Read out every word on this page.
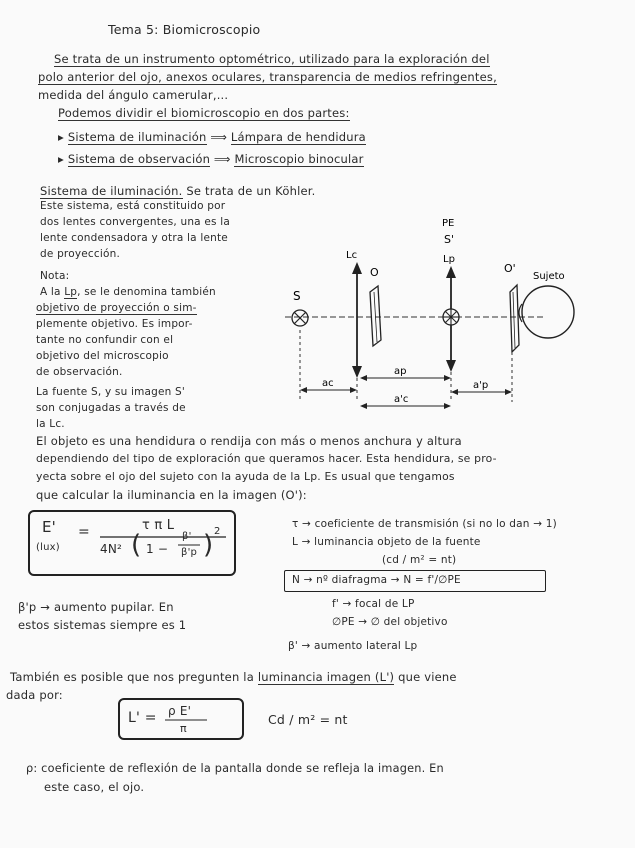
Tema 5: Biomicroscopio
Se trata de un instrumento optométrico, utilizado para la exploración del
polo anterior del ojo, anexos oculares, transparencia de medios refringentes,
medida del ángulo camerular,...
Podemos dividir el biomicroscopio en dos partes:
▸ Sistema de iluminación ⟹ Lámpara de hendidura
▸ Sistema de observación ⟹ Microscopio binocular
Sistema de iluminación. Se trata de un Köhler.
Este sistema, está constituido por
dos lentes convergentes, una es la
lente condensadora y otra la lente
de proyección.
Nota:
A la Lp, se le denomina también
objetivo de proyección o sim-
plemente objetivo. Es impor-
tante no confundir con el
objetivo del microscopio
de observación.
La fuente S, y su imagen S'
son conjugadas a través de
la Lc.
S
Lc
O
PE
S'
Lp
O'
Sujeto
ac
ap
a'c
a'p
El objeto es una hendidura o rendija con más o menos anchura y altura
dependiendo del tipo de exploración que queramos hacer. Esta hendidura, se pro-
yecta sobre el ojo del sujeto con la ayuda de la Lp. Es usual que tengamos
que calcular la iluminancia en la imagen (O'):
E'
(lux)
=	τ π L
4N² ( 1 −
β'
β'p ) 2
τ → coeficiente de transmisión (si no lo dan → 1)
L → luminancia objeto de la fuente
(cd / m² = nt)
N → nº diafragma → N = f'/∅PE
f' → focal de LP
∅PE → ∅ del objetivo
β' → aumento lateral Lp
β'p → aumento pupilar. En
estos sistemas siempre es 1
También es posible que nos pregunten la luminancia imagen (L') que viene
dada por:
L' = ρ E'
π
Cd / m² = nt
ρ: coeficiente de reflexión de la pantalla donde se refleja la imagen. En
este caso, el ojo.
